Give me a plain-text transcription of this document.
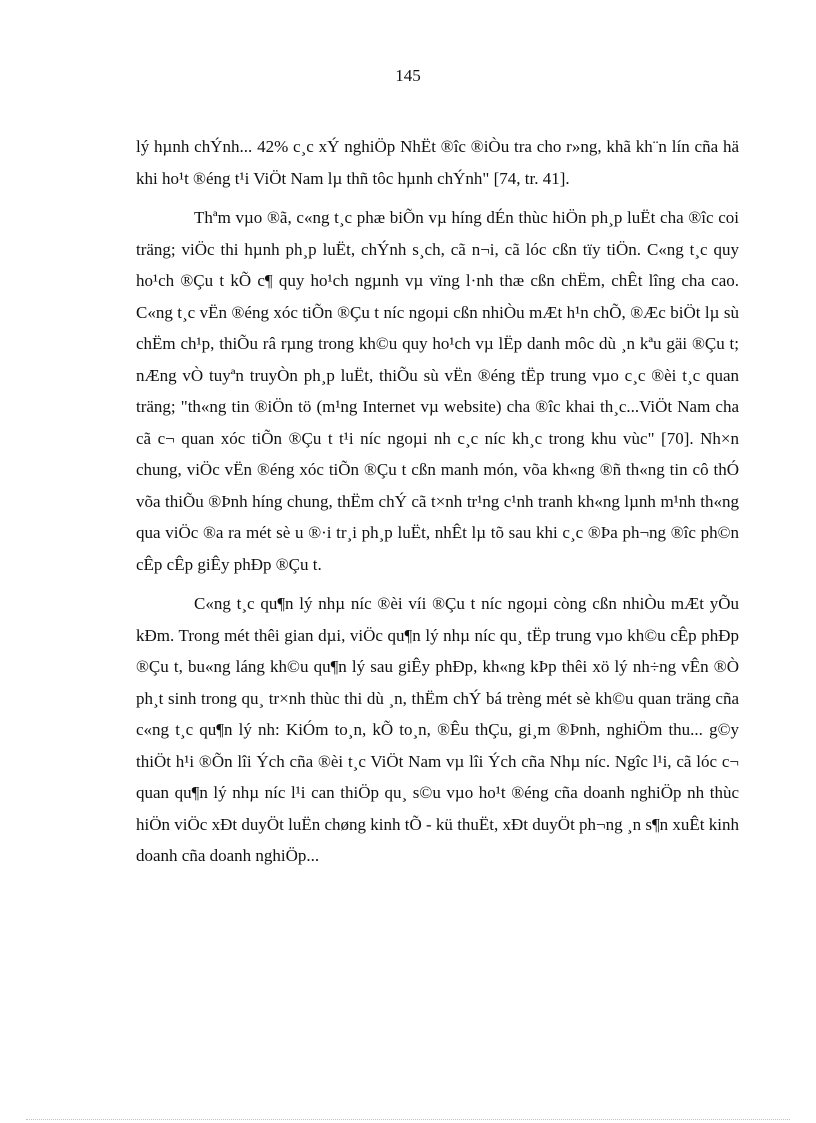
145

lý hµnh chÝnh... 42% c¸c xÝ nghiÖp NhËt ®îc ®iÒu tra cho r»ng, khã kh¨n lín cña hä khi ho¹t ®éng t¹i ViÖt Nam lµ thñ tôc hµnh chÝnh" [74, tr. 41].

Thªm vµo ®ã, c«ng t¸c phæ biÕn vµ híng dÉn thùc hiÖn ph¸p luËt cha ®îc coi träng; viÖc thi hµnh ph¸p luËt, chÝnh s¸ch, cã n¬i, cã lóc cßn tïy tiÖn. C«ng t¸c quy ho¹ch ®Çu t kÕ c¶ quy ho¹ch ngµnh vµ vïng l·nh thæ cßn chËm, chÊt lîng cha cao. C«ng t¸c vËn ®éng xóc tiÕn ®Çu t níc ngoµi cßn nhiÒu mÆt h¹n chÕ, ®Æc biÖt lµ sù chËm ch¹p, thiÕu râ rµng trong kh©u quy ho¹ch vµ lËp danh môc dù ¸n kªu gäi ®Çu t; nÆng vÒ tuyªn truyÒn ph¸p luËt, thiÕu sù vËn ®éng tËp trung vµo c¸c ®èi t¸c quan träng; "th«ng tin ®iÖn tö (m¹ng Internet vµ website) cha ®îc khai th¸c...ViÖt Nam cha cã c¬ quan xóc tiÕn ®Çu t t¹i níc ngoµi nh c¸c níc kh¸c trong khu vùc" [70]. Nh×n chung, viÖc vËn ®éng xóc tiÕn ®Çu t cßn manh món, võa kh«ng ®ñ th«ng tin cô thÓ võa thiÕu ®Þnh híng chung, thËm chÝ cã t×nh tr¹ng c¹nh tranh kh«ng lµnh m¹nh th«ng qua viÖc ®a ra mét sè u ®·i tr¸i ph¸p luËt, nhÊt lµ tõ sau khi c¸c ®Þa ph¬ng ®îc ph©n cÊp cÊp giÊy phÐp ®Çu t.

C«ng t¸c qu¶n lý nhµ níc ®èi víi ®Çu t níc ngoµi còng cßn nhiÒu mÆt yÕu kÐm. Trong mét thêi gian dµi, viÖc qu¶n lý nhµ níc qu¸ tËp trung vµo kh©u cÊp phÐp ®Çu t, bu«ng láng kh©u qu¶n lý sau giÊy phÐp, kh«ng kÞp thêi xö lý nh÷ng vÊn ®Ò ph¸t sinh trong qu¸ tr×nh thùc thi dù ¸n, thËm chÝ bá trèng mét sè kh©u quan träng cña c«ng t¸c qu¶n lý nh: KiÓm to¸n, kÕ to¸n, ®Êu thÇu, gi¸m ®Þnh, nghiÖm thu... g©y thiÖt h¹i ®Õn lîi Ých cña ®èi t¸c ViÖt Nam vµ lîi Ých cña Nhµ níc. Ngîc l¹i, cã lóc c¬ quan qu¶n lý nhµ níc l¹i can thiÖp qu¸ s©u vµo ho¹t ®éng cña doanh nghiÖp nh thùc hiÖn viÖc xÐt duyÖt luËn chøng kinh tÕ - kü thuËt, xÐt duyÖt ph¬ng ¸n s¶n xuÊt kinh doanh cña doanh nghiÖp...
